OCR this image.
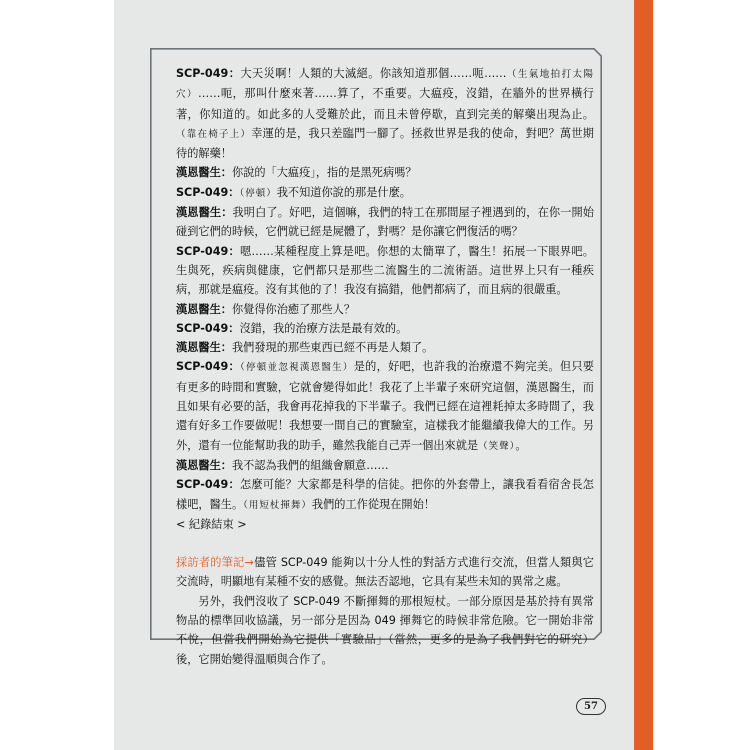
SCP-049：大天災啊！人類的大滅絕。你該知道那個……呃……（生氣地拍打太陽穴）……呃，那叫什麼來著……算了，不重要。大瘟疫，沒錯，在牆外的世界橫行著，你知道的。如此多的人受難於此，而且未曾停歇，直到完美的解藥出現為止。（靠在椅子上）幸運的是，我只差臨門一腳了。拯救世界是我的使命，對吧？萬世期待的解藥！

漢恩醫生：你說的「大瘟疫」，指的是黑死病嗎？

SCP-049：（停頓）我不知道你說的那是什麼。

漢恩醫生：我明白了。好吧，這個嘛，我們的特工在那間屋子裡遇到的，在你一開始碰到它們的時候，它們就已經是屍體了，對嗎？是你讓它們復活的嗎？

SCP-049：嗯……某種程度上算是吧。你想的太簡單了，醫生！拓展一下眼界吧。生與死，疾病與健康，它們都只是那些二流醫生的二流術語。這世界上只有一種疾病，那就是瘟疫。沒有其他的了！我沒有搞錯，他們都病了，而且病的很嚴重。

漢恩醫生：你覺得你治癒了那些人？

SCP-049：沒錯，我的治療方法是最有效的。

漢恩醫生：我們發現的那些東西已經不再是人類了。

SCP-049：（停頓並忽視漢恩醫生）是的，好吧，也許我的治療還不夠完美。但只要有更多的時間和實驗，它就會變得如此！我花了上半輩子來研究這個，漢恩醫生，而且如果有必要的話，我會再花掉我的下半輩子。我們已經在這裡耗掉太多時間了，我還有好多工作要做呢！我想要一間自己的實驗室，這樣我才能繼續我偉大的工作。另外，還有一位能幫助我的助手，雖然我能自己弄一個出來就是（笑聲）。

漢恩醫生：我不認為我們的組織會願意……

SCP-049：怎麼可能？大家都是科學的信徒。把你的外套帶上，讓我看看宿舍長怎樣吧，醫生。（用短杖揮舞）我們的工作從現在開始！

< 紀錄結束 >

採訪者的筆記→儘管 SCP-049 能夠以十分人性的對話方式進行交流，但當人類與它交流時，明顯地有某種不安的感覺。無法否認地，它具有某些未知的異常之處。

另外，我們沒收了 SCP-049 不斷揮舞的那根短杖。一部分原因是基於持有異常物品的標準回收協議，另一部分是因為 049 揮舞它的時候非常危險。它一開始非常不悅，但當我們開始為它提供「實驗品」（當然，更多的是為了我們對它的研究）後，它開始變得溫順與合作了。

57
